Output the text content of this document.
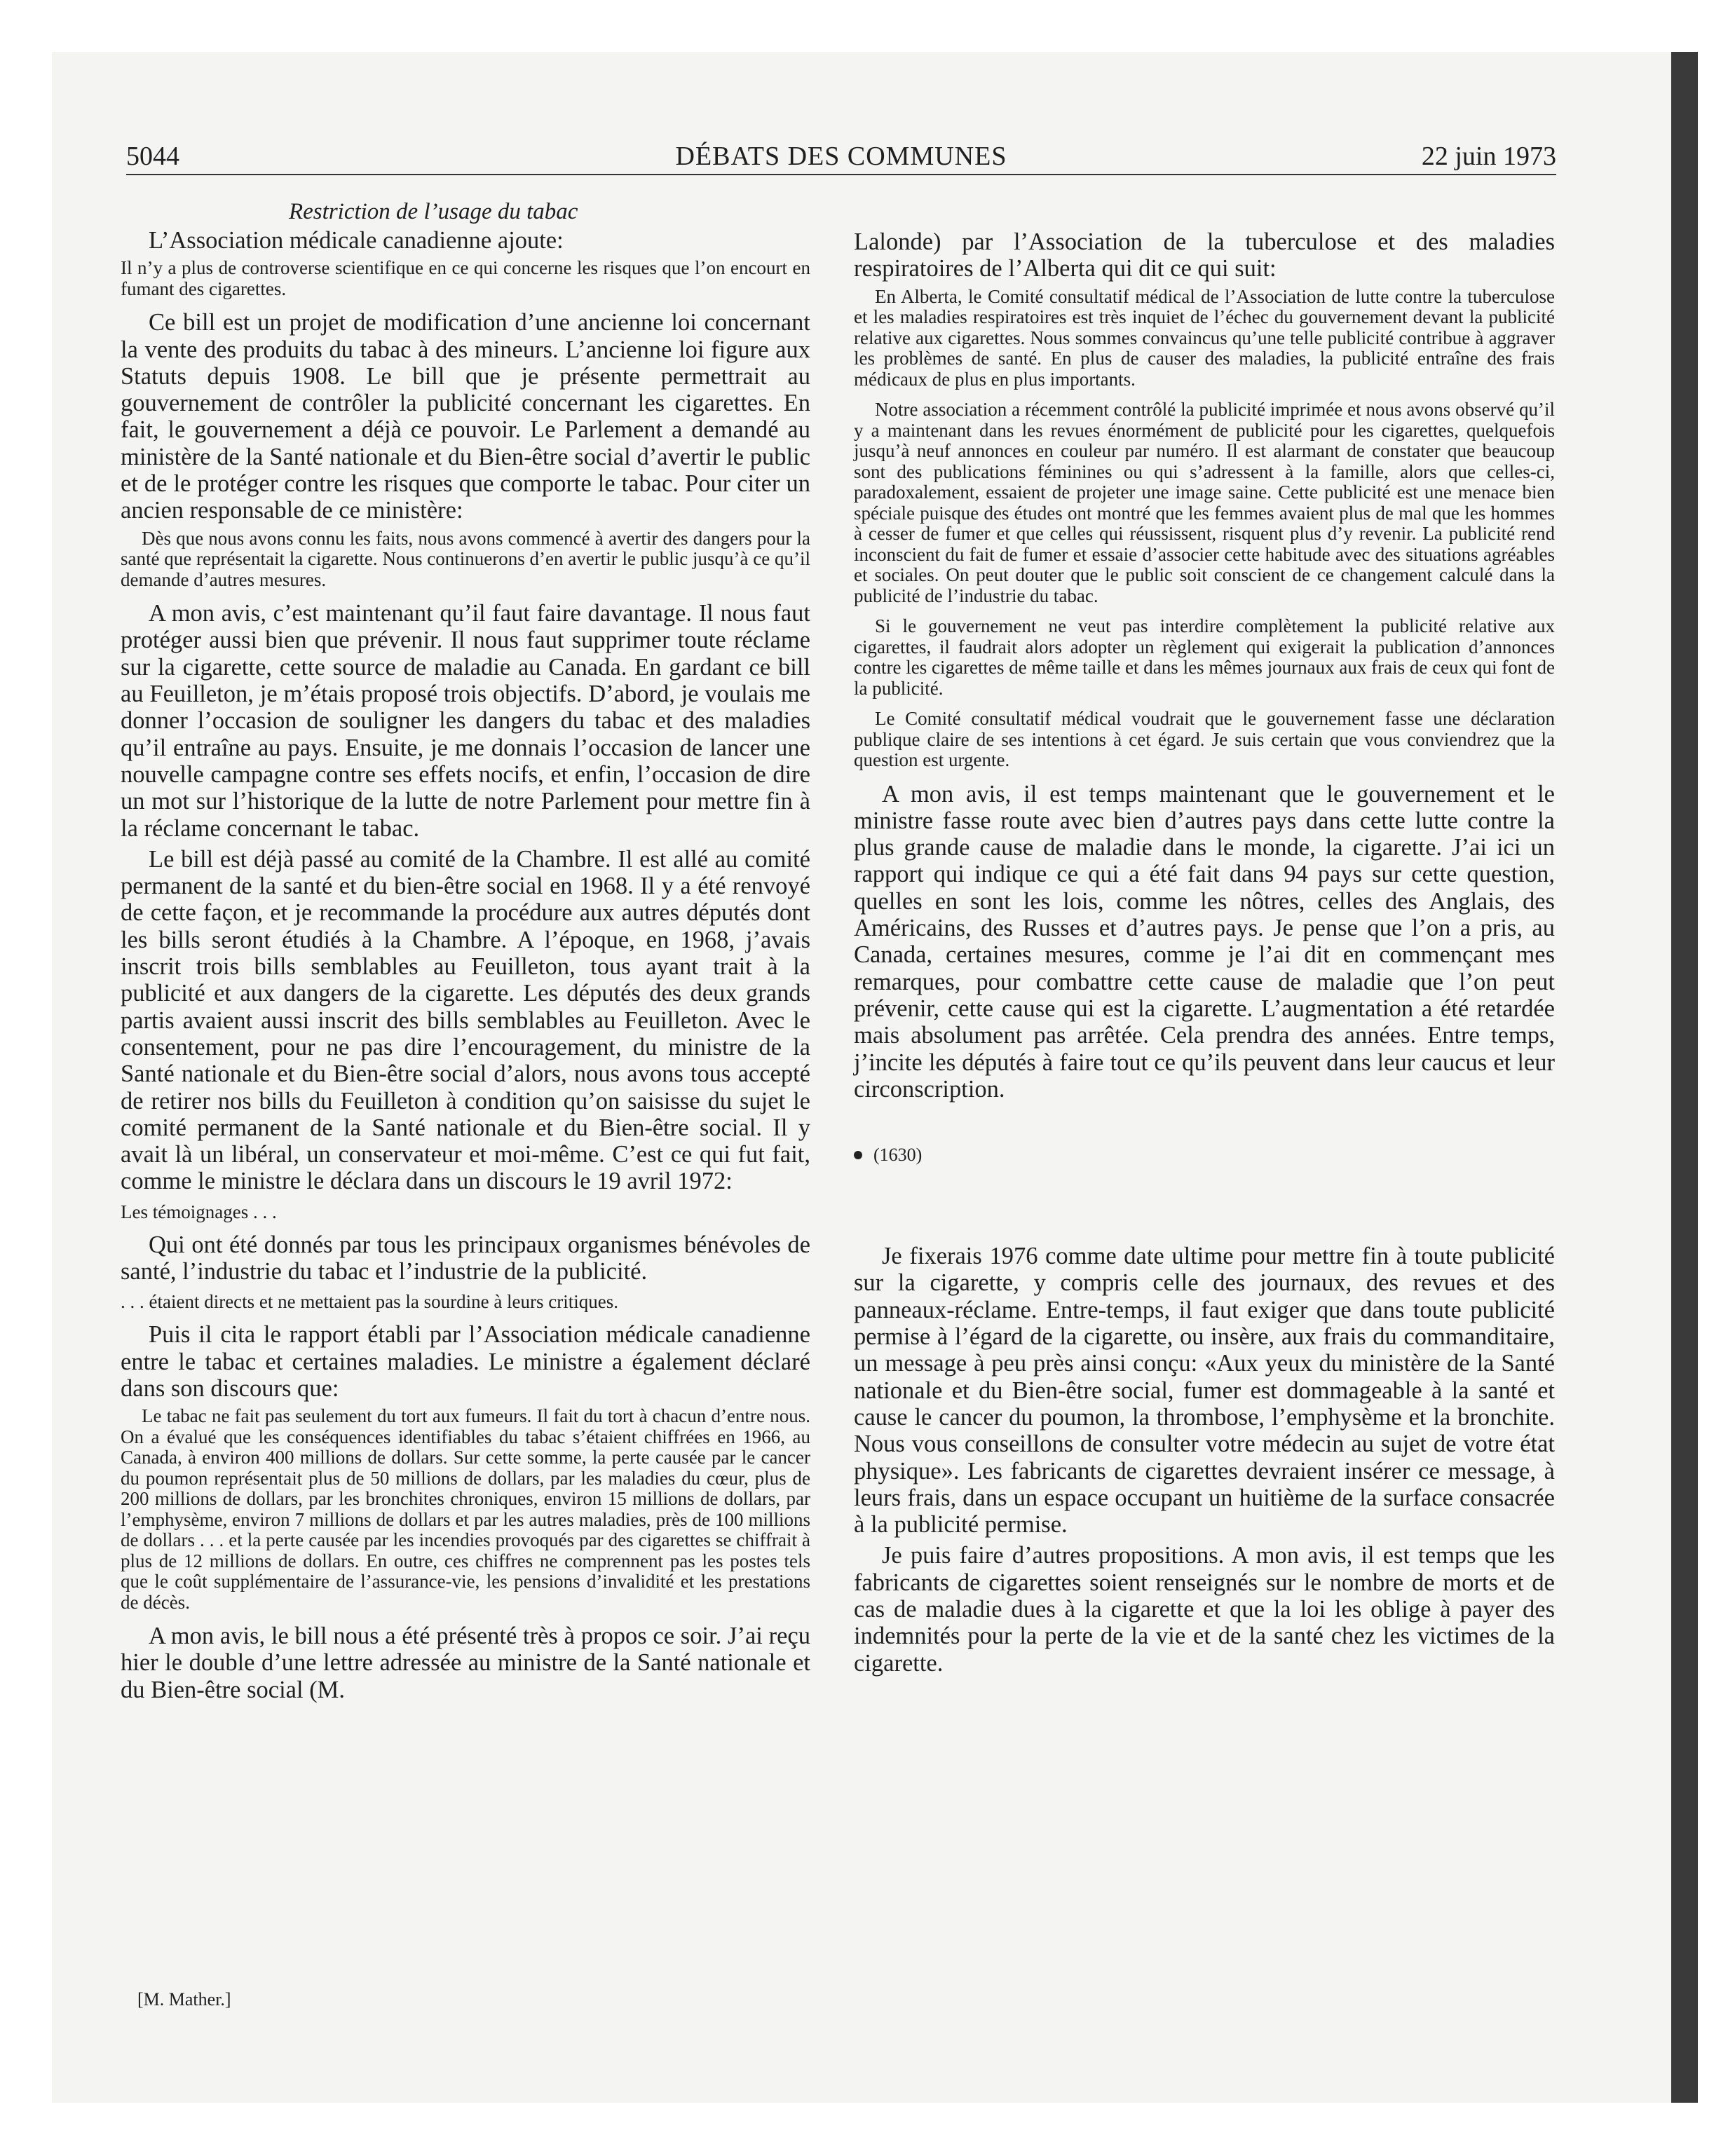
5044	DÉBATS DES COMMUNES	22 juin 1973
Restriction de l’usage du tabac

L’Association médicale canadienne ajoute:

Il n’y a plus de controverse scientifique en ce qui concerne les risques que l’on encourt en fumant des cigarettes.

Ce bill est un projet de modification d’une ancienne loi concernant la vente des produits du tabac à des mineurs. L’ancienne loi figure aux Statuts depuis 1908. Le bill que je présente permettrait au gouvernement de contrôler la publicité concernant les cigarettes. En fait, le gouvernement a déjà ce pouvoir. Le Parlement a demandé au ministère de la Santé nationale et du Bien-être social d’avertir le public et de le protéger contre les risques que comporte le tabac. Pour citer un ancien responsable de ce ministère:

Dès que nous avons connu les faits, nous avons commencé à avertir des dangers pour la santé que représentait la cigarette. Nous continuerons d’en avertir le public jusqu’à ce qu’il demande d’autres mesures.

A mon avis, c’est maintenant qu’il faut faire davantage. Il nous faut protéger aussi bien que prévenir. Il nous faut supprimer toute réclame sur la cigarette, cette source de maladie au Canada. En gardant ce bill au Feuilleton, je m’étais proposé trois objectifs. D’abord, je voulais me donner l’occasion de souligner les dangers du tabac et des maladies qu’il entraîne au pays. Ensuite, je me donnais l’occasion de lancer une nouvelle campagne contre ses effets nocifs, et enfin, l’occasion de dire un mot sur l’historique de la lutte de notre Parlement pour mettre fin à la réclame concernant le tabac.

Le bill est déjà passé au comité de la Chambre. Il est allé au comité permanent de la santé et du bien-être social en 1968. Il y a été renvoyé de cette façon, et je recommande la procédure aux autres députés dont les bills seront étudiés à la Chambre. A l’époque, en 1968, j’avais inscrit trois bills semblables au Feuilleton, tous ayant trait à la publicité et aux dangers de la cigarette. Les députés des deux grands partis avaient aussi inscrit des bills semblables au Feuilleton. Avec le consentement, pour ne pas dire l’encouragement, du ministre de la Santé nationale et du Bien-être social d’alors, nous avons tous accepté de retirer nos bills du Feuilleton à condition qu’on saisisse du sujet le comité permanent de la Santé nationale et du Bien-être social. Il y avait là un libéral, un conservateur et moi-même. C’est ce qui fut fait, comme le ministre le déclara dans un discours le 19 avril 1972:

Les témoignages . . .

Qui ont été donnés par tous les principaux organismes bénévoles de santé, l’industrie du tabac et l’industrie de la publicité.

. . . étaient directs et ne mettaient pas la sourdine à leurs critiques.

Puis il cita le rapport établi par l’Association médicale canadienne entre le tabac et certaines maladies. Le ministre a également déclaré dans son discours que:

Le tabac ne fait pas seulement du tort aux fumeurs. Il fait du tort à chacun d’entre nous. On a évalué que les conséquences identifiables du tabac s’étaient chiffrées en 1966, au Canada, à environ 400 millions de dollars. Sur cette somme, la perte causée par le cancer du poumon représentait plus de 50 millions de dollars, par les maladies du cœur, plus de 200 millions de dollars, par les bronchites chroniques, environ 15 millions de dollars, par l’emphysème, environ 7 millions de dollars et par les autres maladies, près de 100 millions de dollars . . . et la perte causée par les incendies provoqués par des cigarettes se chiffrait à plus de 12 millions de dollars. En outre, ces chiffres ne comprennent pas les postes tels que le coût supplémentaire de l’assurance-vie, les pensions d’invalidité et les prestations de décès.

A mon avis, le bill nous a été présenté très à propos ce soir. J’ai reçu hier le double d’une lettre adressée au ministre de la Santé nationale et du Bien-être social (M.

[M. Mather.]

Lalonde) par l’Association de la tuberculose et des maladies respiratoires de l’Alberta qui dit ce qui suit:

En Alberta, le Comité consultatif médical de l’Association de lutte contre la tuberculose et les maladies respiratoires est très inquiet de l’échec du gouvernement devant la publicité relative aux cigarettes. Nous sommes convaincus qu’une telle publicité contribue à aggraver les problèmes de santé. En plus de causer des maladies, la publicité entraîne des frais médicaux de plus en plus importants.

Notre association a récemment contrôlé la publicité imprimée et nous avons observé qu’il y a maintenant dans les revues énormément de publicité pour les cigarettes, quelquefois jusqu’à neuf annonces en couleur par numéro. Il est alarmant de constater que beaucoup sont des publications féminines ou qui s’adressent à la famille, alors que celles-ci, paradoxalement, essaient de projeter une image saine. Cette publicité est une menace bien spéciale puisque des études ont montré que les femmes avaient plus de mal que les hommes à cesser de fumer et que celles qui réussissent, risquent plus d’y revenir. La publicité rend inconscient du fait de fumer et essaie d’associer cette habitude avec des situations agréables et sociales. On peut douter que le public soit conscient de ce changement calculé dans la publicité de l’industrie du tabac.

Si le gouvernement ne veut pas interdire complètement la publicité relative aux cigarettes, il faudrait alors adopter un règlement qui exigerait la publication d’annonces contre les cigarettes de même taille et dans les mêmes journaux aux frais de ceux qui font de la publicité.

Le Comité consultatif médical voudrait que le gouvernement fasse une déclaration publique claire de ses intentions à cet égard. Je suis certain que vous conviendrez que la question est urgente.

A mon avis, il est temps maintenant que le gouvernement et le ministre fasse route avec bien d’autres pays dans cette lutte contre la plus grande cause de maladie dans le monde, la cigarette. J’ai ici un rapport qui indique ce qui a été fait dans 94 pays sur cette question, quelles en sont les lois, comme les nôtres, celles des Anglais, des Américains, des Russes et d’autres pays. Je pense que l’on a pris, au Canada, certaines mesures, comme je l’ai dit en commençant mes remarques, pour combattre cette cause de maladie que l’on peut prévenir, cette cause qui est la cigarette. L’augmentation a été retardée mais absolument pas arrêtée. Cela prendra des années. Entre temps, j’incite les députés à faire tout ce qu’ils peuvent dans leur caucus et leur circonscription.

(1630)

Je fixerais 1976 comme date ultime pour mettre fin à toute publicité sur la cigarette, y compris celle des journaux, des revues et des panneaux-réclame. Entre-temps, il faut exiger que dans toute publicité permise à l’égard de la cigarette, ou insère, aux frais du commanditaire, un message à peu près ainsi conçu: «Aux yeux du ministère de la Santé nationale et du Bien-être social, fumer est dommageable à la santé et cause le cancer du poumon, la thrombose, l’emphysème et la bronchite. Nous vous conseillons de consulter votre médecin au sujet de votre état physique». Les fabricants de cigarettes devraient insérer ce message, à leurs frais, dans un espace occupant un huitième de la surface consacrée à la publicité permise.

Je puis faire d’autres propositions. A mon avis, il est temps que les fabricants de cigarettes soient renseignés sur le nombre de morts et de cas de maladie dues à la cigarette et que la loi les oblige à payer des indemnités pour la perte de la vie et de la santé chez les victimes de la cigarette.
